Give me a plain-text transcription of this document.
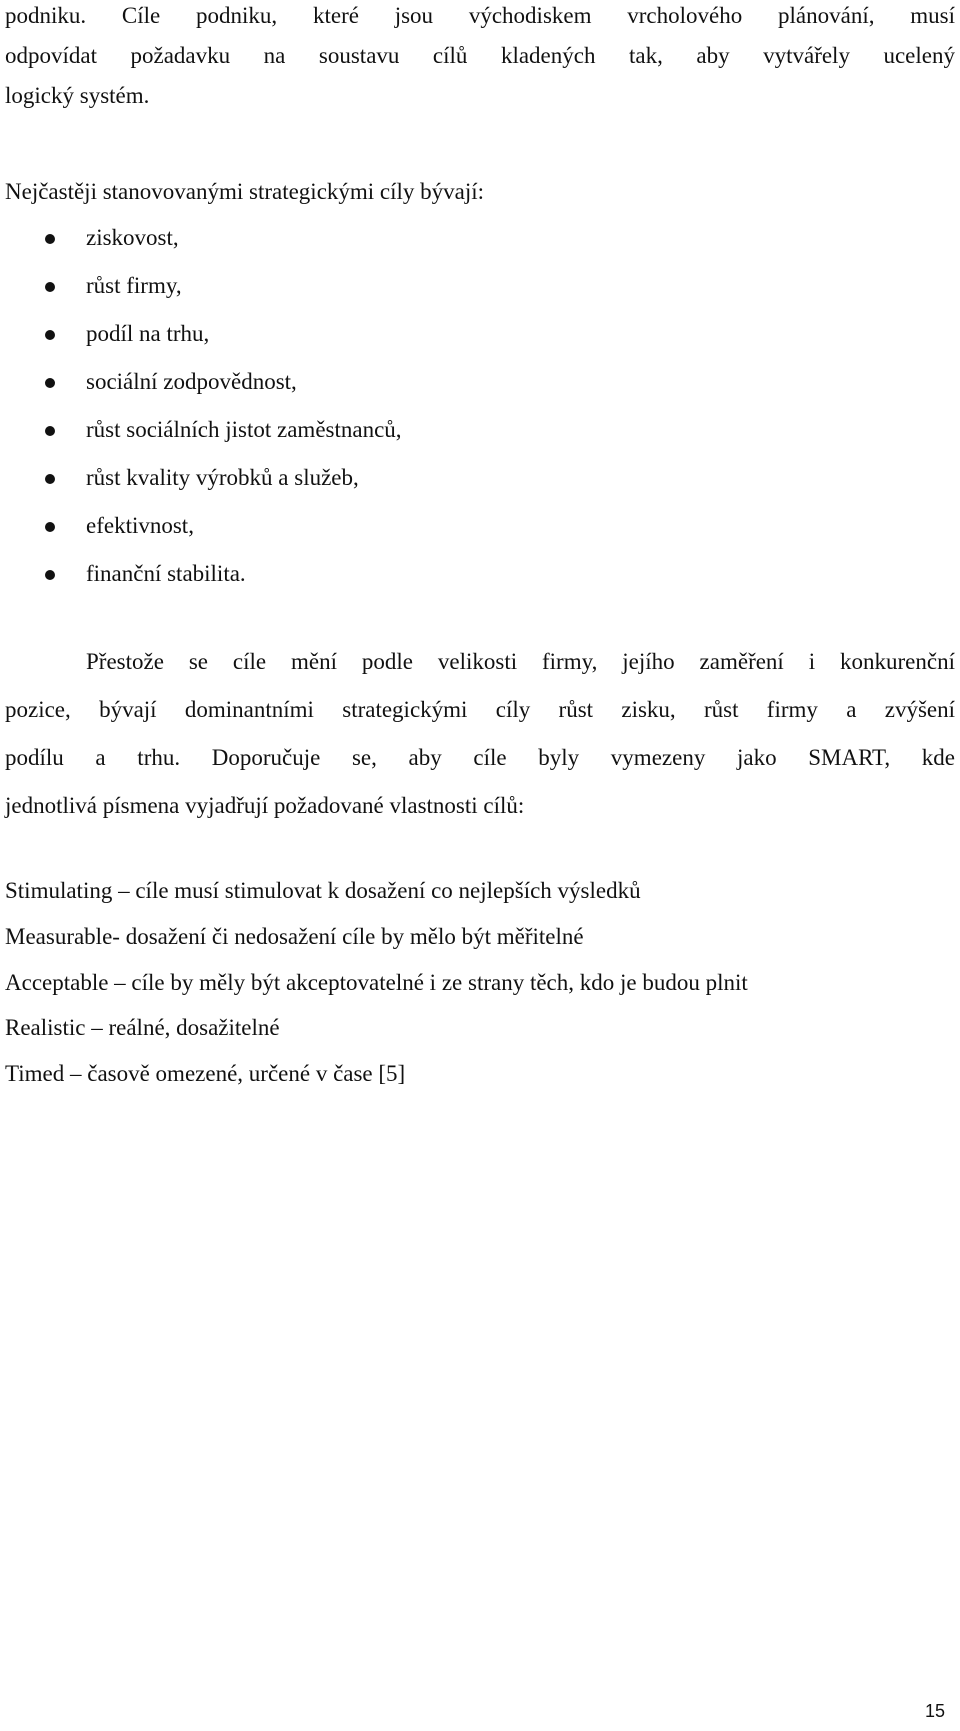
podniku. Cíle podniku, které jsou východiskem vrcholového plánování, musí
odpovídat požadavku na soustavu cílů kladených tak, aby vytvářely ucelený
logický systém.
Nejčastěji stanovovanými strategickými cíly bývají:
ziskovost,
růst firmy,
podíl na trhu,
sociální zodpovědnost,
růst sociálních jistot zaměstnanců,
růst kvality výrobků a služeb,
efektivnost,
finanční stabilita.
Přestože se cíle mění podle velikosti firmy, jejího zaměření i konkurenční
pozice, bývají dominantními strategickými cíly růst zisku, růst firmy a zvýšení
podílu a trhu. Doporučuje se, aby cíle byly vymezeny jako SMART, kde
jednotlivá písmena vyjadřují požadované vlastnosti cílů:
Stimulating – cíle musí stimulovat k dosažení co nejlepších výsledků
Measurable- dosažení či nedosažení cíle by mělo být měřitelné
Acceptable – cíle by měly být akceptovatelné i ze strany těch, kdo je budou plnit
Realistic – reálné, dosažitelné
Timed – časově omezené, určené v čase [5]
15
